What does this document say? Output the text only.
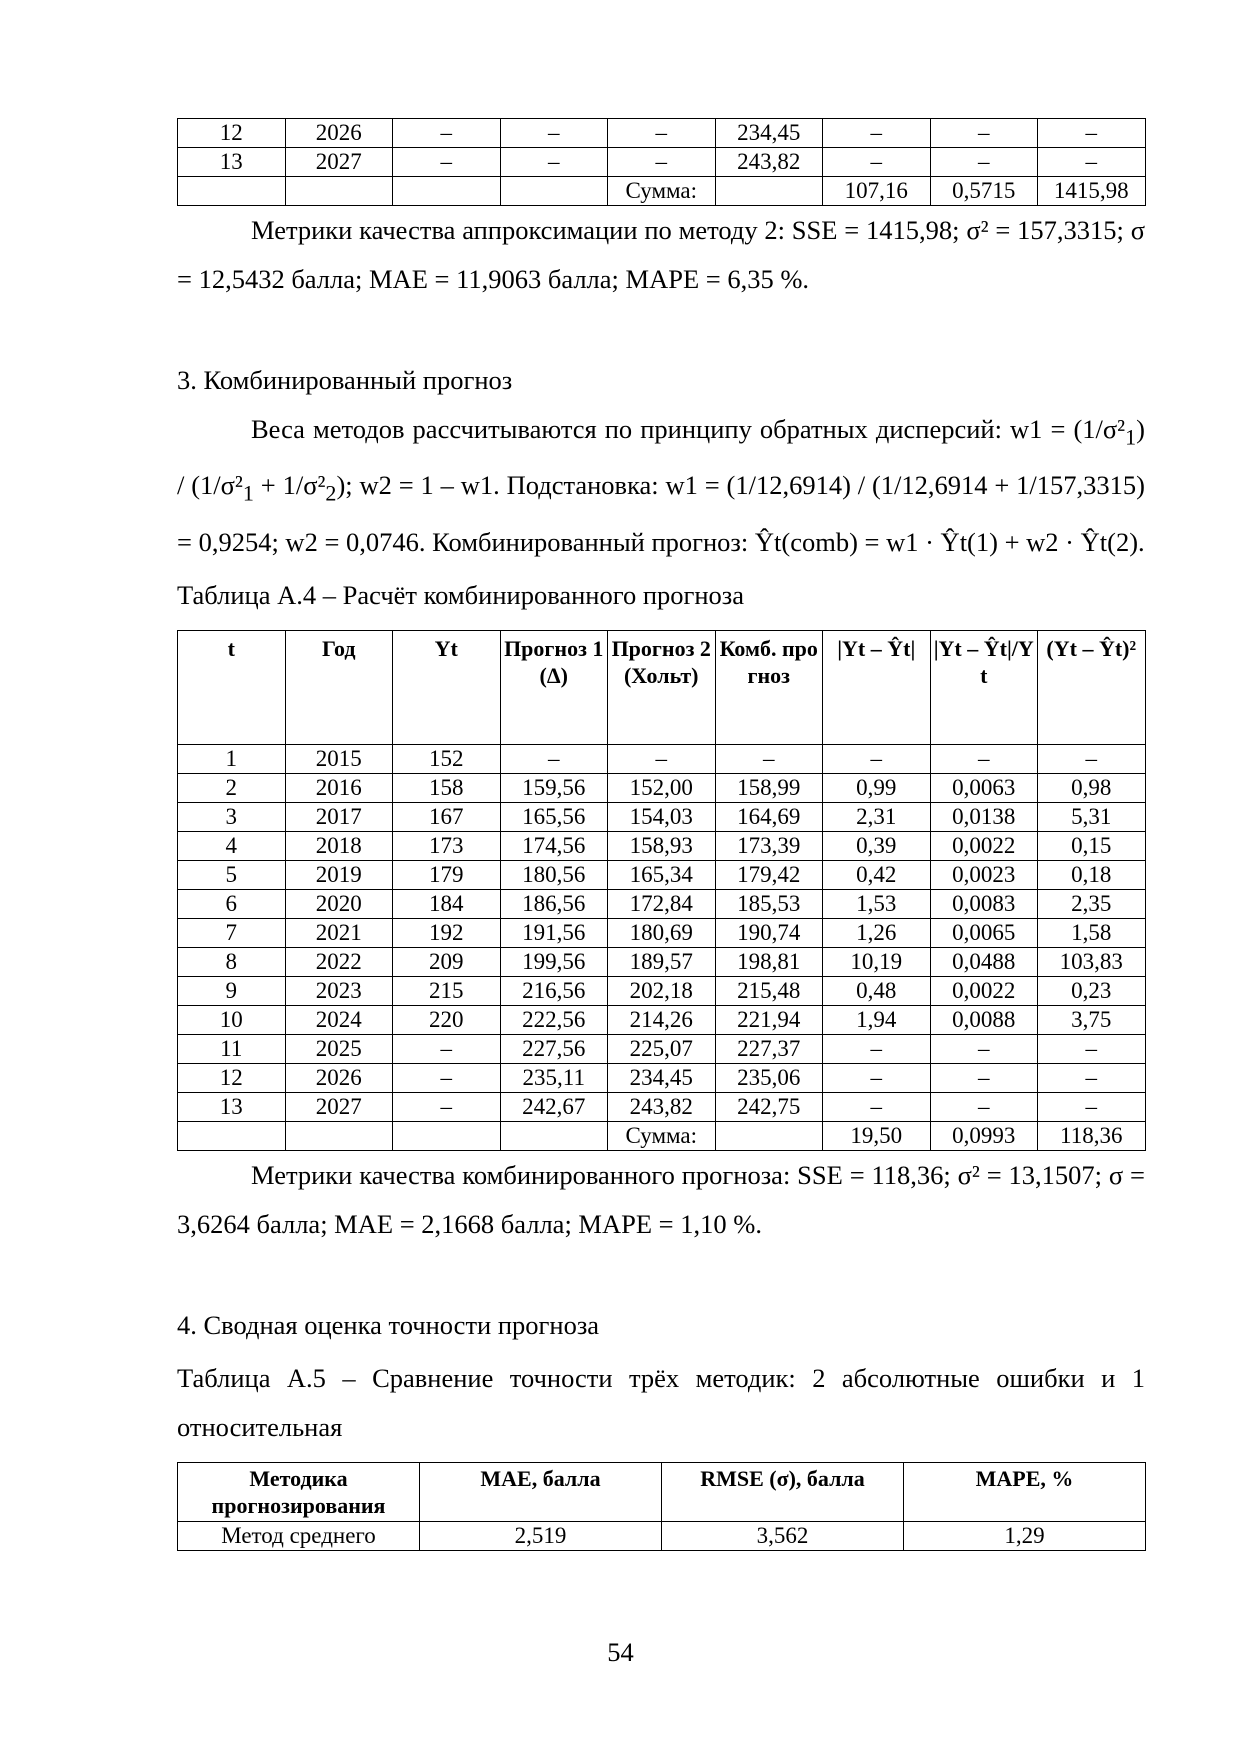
12	2026	–	–	–	234,45	–	–	–
13	2027	–	–	–	243,82	–	–	–
				Сумма:		107,16	0,5715	1415,98

Метрики качества аппроксимации по методу 2: SSE = 1415,98; σ² = 157,3315; σ = 12,5432 балла; MAE = 11,9063 балла; MAPE = 6,35 %.

3. Комбинированный прогноз

Веса методов рассчитываются по принципу обратных дисперсий: $w1 = (1/\sigma^2_1) / (1/\sigma^2_1 + 1/\sigma^2_2)$; w2 = 1 – w1. Подстановка: w1 = (1/12,6914) / (1/12,6914 + 1/157,3315) = 0,9254; w2 = 0,0746. Комбинированный прогноз: Ŷt(comb) = w1 · Ŷt(1) + w2 · Ŷt(2).

Таблица А.4 – Расчёт комбинированного прогноза
t	Год	Yt	Прогноз 1 (Δ)	Прогноз 2 (Хольт)	Комб. прогноз	|Yt – Ŷt|	|Yt – Ŷt|/Yt	(Yt – Ŷt)²
1	2015	152	–	–	–	–	–	–
2	2016	158	159,56	152,00	158,99	0,99	0,0063	0,98
3	2017	167	165,56	154,03	164,69	2,31	0,0138	5,31
4	2018	173	174,56	158,93	173,39	0,39	0,0022	0,15
5	2019	179	180,56	165,34	179,42	0,42	0,0023	0,18
6	2020	184	186,56	172,84	185,53	1,53	0,0083	2,35
7	2021	192	191,56	180,69	190,74	1,26	0,0065	1,58
8	2022	209	199,56	189,57	198,81	10,19	0,0488	103,83
9	2023	215	216,56	202,18	215,48	0,48	0,0022	0,23
10	2024	220	222,56	214,26	221,94	1,94	0,0088	3,75
11	2025	–	227,56	225,07	227,37	–	–	–
12	2026	–	235,11	234,45	235,06	–	–	–
13	2027	–	242,67	243,82	242,75	–	–	–
				Сумма:		19,50	0,0993	118,36

Метрики качества комбинированного прогноза: SSE = 118,36; σ² = 13,1507; σ = 3,6264 балла; MAE = 2,1668 балла; MAPE = 1,10 %.

4. Сводная оценка точности прогноза

Таблица А.5 – Сравнение точности трёх методик: 2 абсолютные ошибки и 1 относительная

Методика прогнозирования	MAE, балла	RMSE (σ), балла	MAPE, %
Метод среднего	2,519	3,562	1,29
54
